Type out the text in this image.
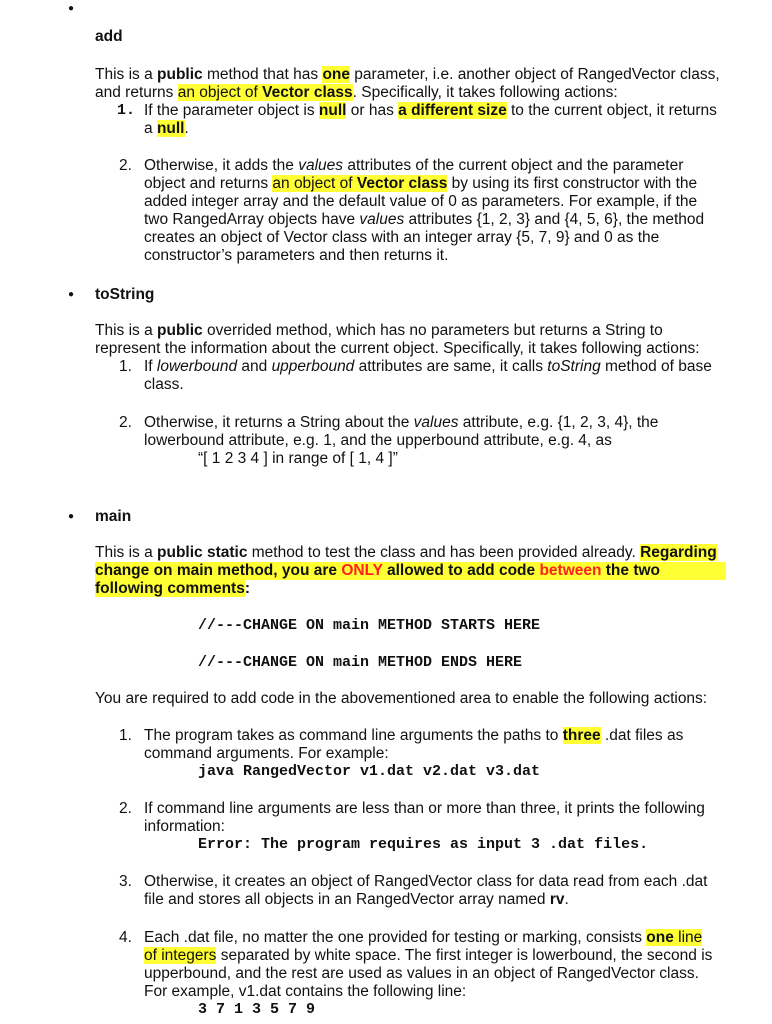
●
add
This is a public method that has one parameter, i.e. another object of RangedVector class,
and returns an object of Vector class. Specifically, it takes following actions:
1. If the parameter object is null or has a different size to the current object, it returns
a null.
2. Otherwise, it adds the values attributes of the current object and the parameter
object and returns an object of Vector class by using its first constructor with the
added integer array and the default value of 0 as parameters. For example, if the
two RangedArray objects have values attributes {1, 2, 3} and {4, 5, 6}, the method
creates an object of Vector class with an integer array {5, 7, 9} and 0 as the
constructor’s parameters and then returns it.
● toString
This is a public overrided method, which has no parameters but returns a String to
represent the information about the current object. Specifically, it takes following actions:
1. If lowerbound and upperbound attributes are same, it calls toString method of base
class.
2. Otherwise, it returns a String about the values attribute, e.g. {1, 2, 3, 4}, the
lowerbound attribute, e.g. 1, and the upperbound attribute, e.g. 4, as
“[ 1 2 3 4 ] in range of [ 1, 4 ]”
● main
This is a public static method to test the class and has been provided already. Regarding
change on main method, you are ONLY allowed to add code between the two
following comments:
//---CHANGE ON main METHOD STARTS HERE
//---CHANGE ON main METHOD ENDS HERE
You are required to add code in the abovementioned area to enable the following actions:
1. The program takes as command line arguments the paths to three .dat files as
command arguments. For example:
java RangedVector v1.dat v2.dat v3.dat
2. If command line arguments are less than or more than three, it prints the following
information:
Error: The program requires as input 3 .dat files.
3. Otherwise, it creates an object of RangedVector class for data read from each .dat
file and stores all objects in an RangedVector array named rv.
4. Each .dat file, no matter the one provided for testing or marking, consists one line
of integers separated by white space. The first integer is lowerbound, the second is
upperbound, and the rest are used as values in an object of RangedVector class.
For example, v1.dat contains the following line:
3 7 1 3 5 7 9
